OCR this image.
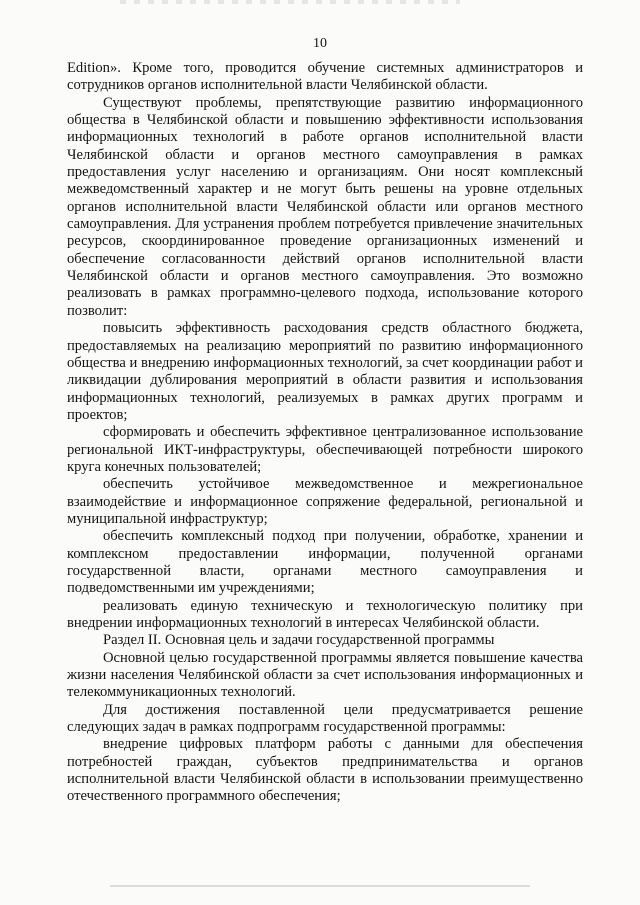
10

Edition». Кроме того, проводится обучение системных администраторов и сотрудников органов исполнительной власти Челябинской области.

Существуют проблемы, препятствующие развитию информационного общества в Челябинской области и повышению эффективности использования информационных технологий в работе органов исполнительной власти Челябинской области и органов местного самоуправления в рамках предоставления услуг населению и организациям. Они носят комплексный межведомственный характер и не могут быть решены на уровне отдельных органов исполнительной власти Челябинской области или органов местного самоуправления. Для устранения проблем потребуется привлечение значительных ресурсов, скоординированное проведение организационных изменений и обеспечение согласованности действий органов исполнительной власти Челябинской области и органов местного самоуправления. Это возможно реализовать в рамках программно-целевого подхода, использование которого позволит:

повысить эффективность расходования средств областного бюджета, предоставляемых на реализацию мероприятий по развитию информационного общества и внедрению информационных технологий, за счет координации работ и ликвидации дублирования мероприятий в области развития и использования информационных технологий, реализуемых в рамках других программ и проектов;

сформировать и обеспечить эффективное централизованное использование региональной ИКТ-инфраструктуры, обеспечивающей потребности широкого круга конечных пользователей;

обеспечить устойчивое межведомственное и межрегиональное взаимодействие и информационное сопряжение федеральной, региональной и муниципальной инфраструктур;

обеспечить комплексный подход при получении, обработке, хранении и комплексном предоставлении информации, полученной органами государственной власти, органами местного самоуправления и подведомственными им учреждениями;

реализовать единую техническую и технологическую политику при внедрении информационных технологий в интересах Челябинской области.

Раздел II. Основная цель и задачи государственной программы

Основной целью государственной программы является повышение качества жизни населения Челябинской области за счет использования информационных и телекоммуникационных технологий.

Для достижения поставленной цели предусматривается решение следующих задач в рамках подпрограмм государственной программы:

внедрение цифровых платформ работы с данными для обеспечения потребностей граждан, субъектов предпринимательства и органов исполнительной власти Челябинской области в использовании преимущественно отечественного программного обеспечения;
